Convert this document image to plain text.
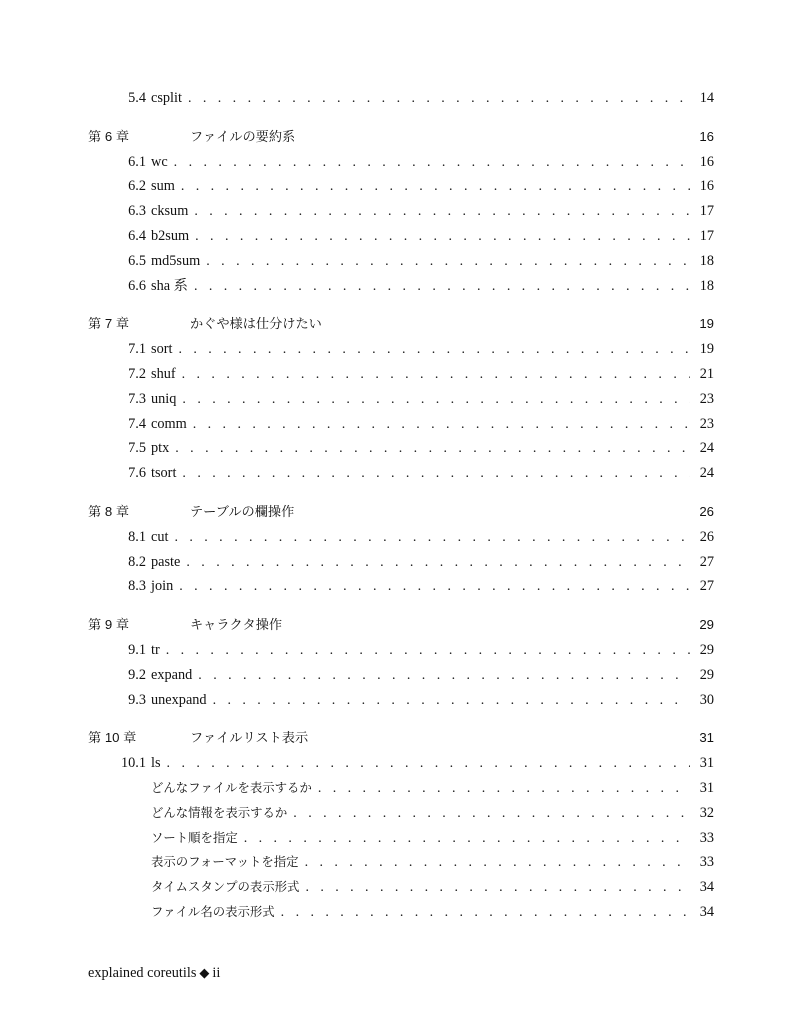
5.4 csplit . . .	14
第 6 章	ファイルの要約系	16
6.1 wc . . .	16
6.2 sum . . .	16
6.3 cksum . . .	17
6.4 b2sum . . .	17
6.5 md5sum . . .	18
6.6 sha 系 . . .	18
第 7 章	かぐや様は仕分けたい	19
7.1 sort . . .	19
7.2 shuf . . .	21
7.3 uniq . . .	23
7.4 comm . . .	23
7.5 ptx . . .	24
7.6 tsort . . .	24
第 8 章	テーブルの欄操作	26
8.1 cut . . .	26
8.2 paste . . .	27
8.3 join . . .	27
第 9 章	キャラクタ操作	29
9.1 tr . . .	29
9.2 expand . . .	29
9.3 unexpand . . .	30
第 10 章	ファイルリスト表示	31
10.1 ls . . .	31
どんなファイルを表示するか . . .	31
どんな情報を表示するか . . .	32
ソート順を指定 . . .	33
表示のフォーマットを指定 . . .	33
タイムスタンプの表示形式 . . .	34
ファイル名の表示形式 . . .	34
explained coreutils ◆ ii
